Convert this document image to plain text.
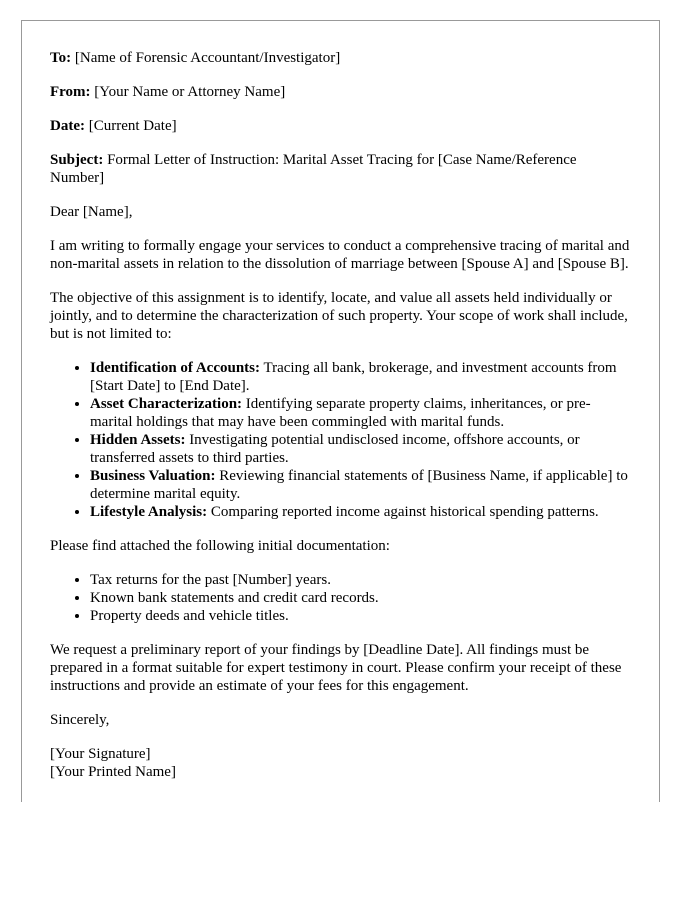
To: [Name of Forensic Accountant/Investigator]

From: [Your Name or Attorney Name]

Date: [Current Date]

Subject: Formal Letter of Instruction: Marital Asset Tracing for [Case Name/Reference Number]

Dear [Name],

I am writing to formally engage your services to conduct a comprehensive tracing of marital and non-marital assets in relation to the dissolution of marriage between [Spouse A] and [Spouse B].

The objective of this assignment is to identify, locate, and value all assets held individually or jointly, and to determine the characterization of such property. Your scope of work shall include, but is not limited to:

• Identification of Accounts: Tracing all bank, brokerage, and investment accounts from [Start Date] to [End Date].
• Asset Characterization: Identifying separate property claims, inheritances, or pre-marital holdings that may have been commingled with marital funds.
• Hidden Assets: Investigating potential undisclosed income, offshore accounts, or transferred assets to third parties.
• Business Valuation: Reviewing financial statements of [Business Name, if applicable] to determine marital equity.
• Lifestyle Analysis: Comparing reported income against historical spending patterns.

Please find attached the following initial documentation:

• Tax returns for the past [Number] years.
• Known bank statements and credit card records.
• Property deeds and vehicle titles.

We request a preliminary report of your findings by [Deadline Date]. All findings must be prepared in a format suitable for expert testimony in court. Please confirm your receipt of these instructions and provide an estimate of your fees for this engagement.

Sincerely,

[Your Signature]

[Your Printed Name]
